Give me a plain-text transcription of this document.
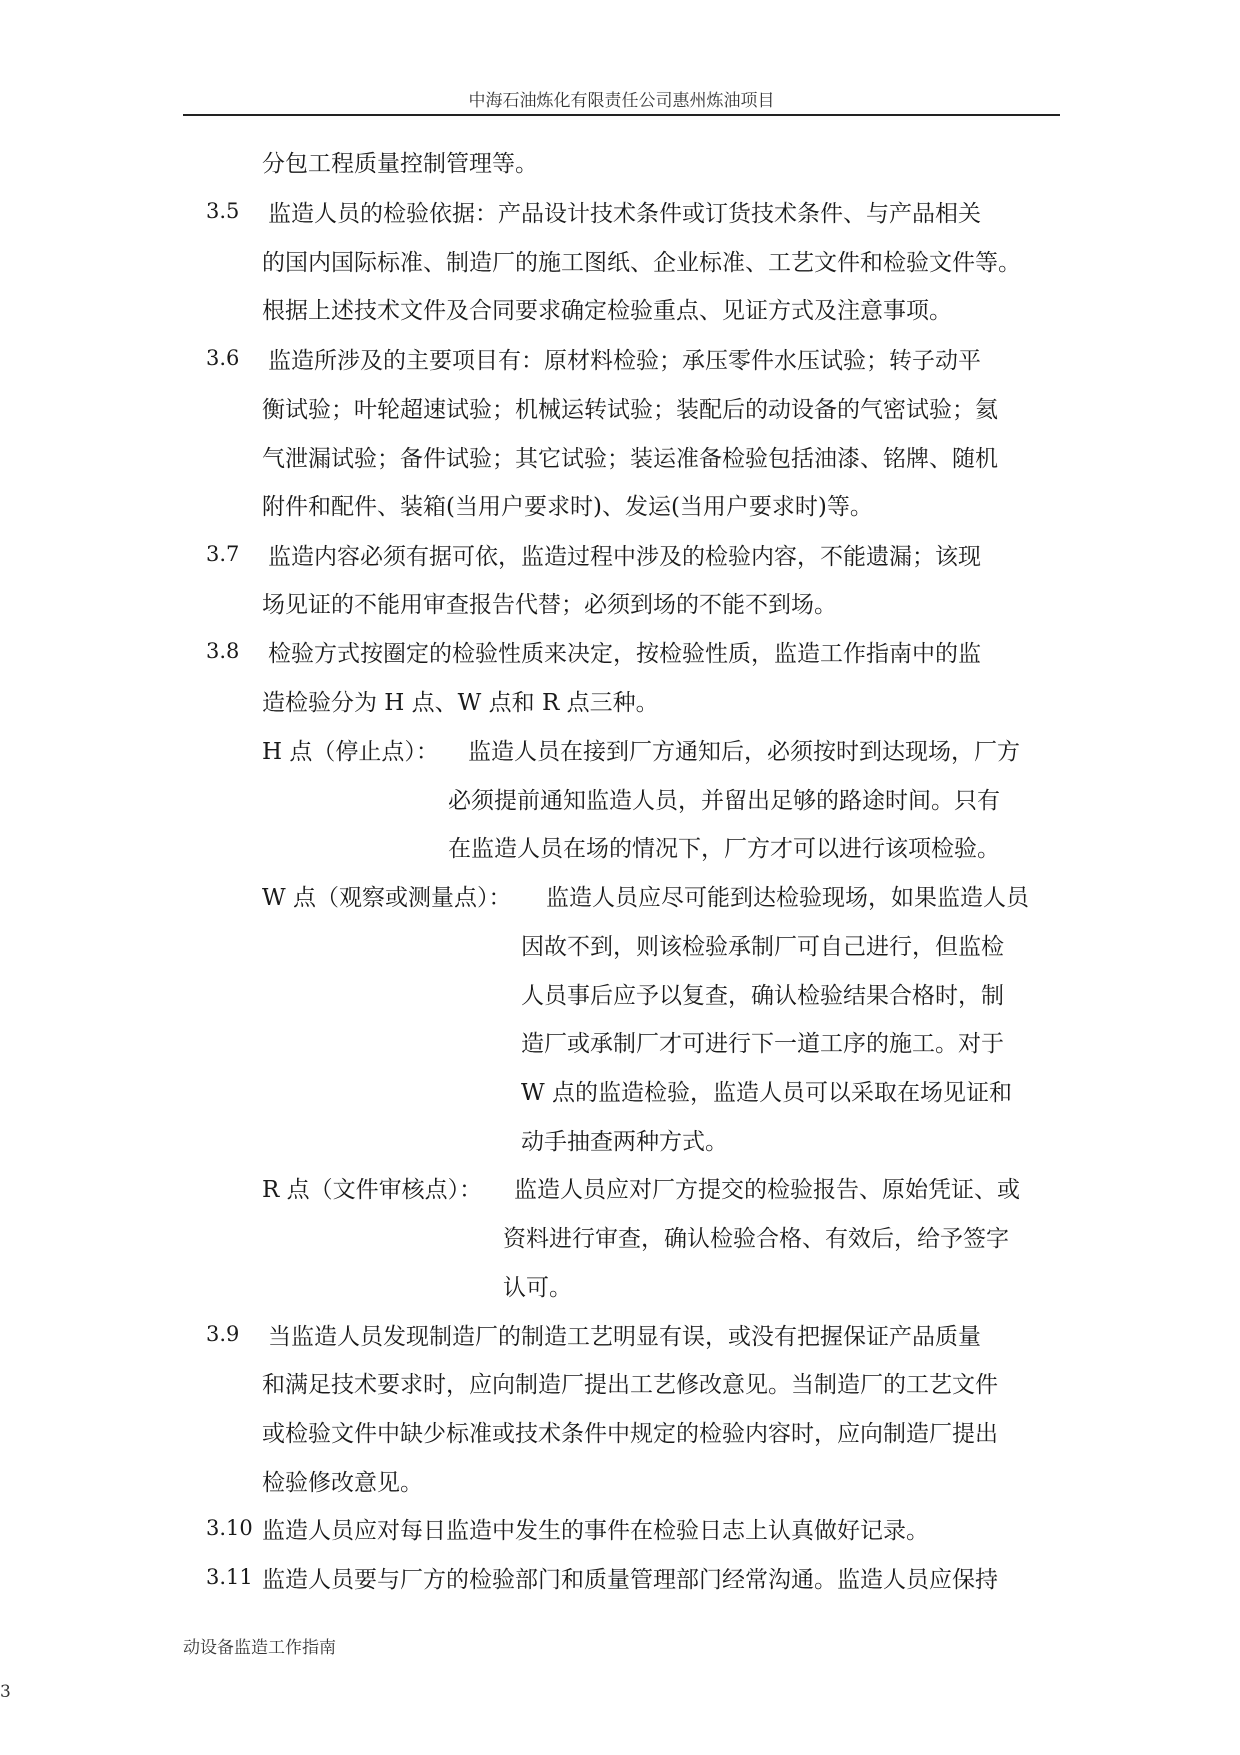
中海石油炼化有限责任公司惠州炼油项目
分包工程质量控制管理等。
3.5 监造人员的检验依据：产品设计技术条件或订货技术条件、与产品相关
的国内国际标准、制造厂的施工图纸、企业标准、工艺文件和检验文件等。
根据上述技术文件及合同要求确定检验重点、见证方式及注意事项。
3.6 监造所涉及的主要项目有：原材料检验；承压零件水压试验；转子动平
衡试验；叶轮超速试验；机械运转试验；装配后的动设备的气密试验；氦
气泄漏试验；备件试验；其它试验；装运准备检验包括油漆、铭牌、随机
附件和配件、装箱(当用户要求时)、发运(当用户要求时)等。
3.7 监造内容必须有据可依，监造过程中涉及的检验内容，不能遗漏；该现
场见证的不能用审查报告代替；必须到场的不能不到场。
3.8 检验方式按圈定的检验性质来决定，按检验性质，监造工作指南中的监
造检验分为 H 点、W 点和 R 点三种。
H 点（停止点）： 监造人员在接到厂方通知后，必须按时到达现场，厂方
必须提前通知监造人员，并留出足够的路途时间。只有
在监造人员在场的情况下，厂方才可以进行该项检验。
W 点（观察或测量点）： 监造人员应尽可能到达检验现场，如果监造人员
因故不到，则该检验承制厂可自己进行，但监检
人员事后应予以复查，确认检验结果合格时，制
造厂或承制厂才可进行下一道工序的施工。对于
W 点的监造检验，监造人员可以采取在场见证和
动手抽查两种方式。
R 点（文件审核点）： 监造人员应对厂方提交的检验报告、原始凭证、或
资料进行审查，确认检验合格、有效后，给予签字
认可。
3.9 当监造人员发现制造厂的制造工艺明显有误，或没有把握保证产品质量
和满足技术要求时，应向制造厂提出工艺修改意见。当制造厂的工艺文件
或检验文件中缺少标准或技术条件中规定的检验内容时，应向制造厂提出
检验修改意见。
3.10 监造人员应对每日监造中发生的事件在检验日志上认真做好记录。
3.11 监造人员要与厂方的检验部门和质量管理部门经常沟通。监造人员应保持
动设备监造工作指南
3
